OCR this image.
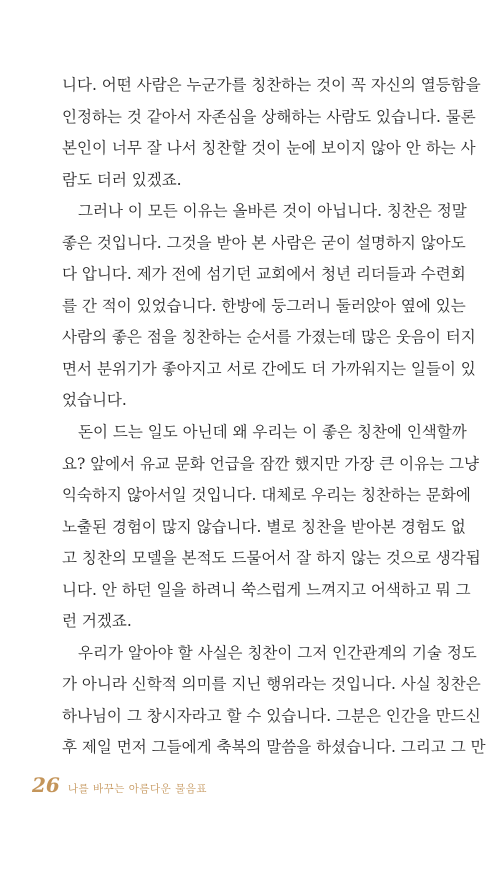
니다. 어떤 사람은 누군가를 칭찬하는 것이 꼭 자신의 열등함을
인정하는 것 같아서 자존심을 상해하는 사람도 있습니다. 물론
본인이 너무 잘 나서 칭찬할 것이 눈에 보이지 않아 안 하는 사
람도 더러 있겠죠.
그러나 이 모든 이유는 올바른 것이 아닙니다. 칭찬은 정말
좋은 것입니다. 그것을 받아 본 사람은 굳이 설명하지 않아도
다 압니다. 제가 전에 섬기던 교회에서 청년 리더들과 수련회
를 간 적이 있었습니다. 한방에 둥그러니 둘러앉아 옆에 있는
사람의 좋은 점을 칭찬하는 순서를 가졌는데 많은 웃음이 터지
면서 분위기가 좋아지고 서로 간에도 더 가까워지는 일들이 있
었습니다.
돈이 드는 일도 아닌데 왜 우리는 이 좋은 칭찬에 인색할까
요? 앞에서 유교 문화 언급을 잠깐 했지만 가장 큰 이유는 그냥
익숙하지 않아서일 것입니다. 대체로 우리는 칭찬하는 문화에
노출된 경험이 많지 않습니다. 별로 칭찬을 받아본 경험도 없
고 칭찬의 모델을 본적도 드물어서 잘 하지 않는 것으로 생각됩
니다. 안 하던 일을 하려니 쑥스럽게 느껴지고 어색하고 뭐 그
런 거겠죠.
우리가 알아야 할 사실은 칭찬이 그저 인간관계의 기술 정도
가 아니라 신학적 의미를 지닌 행위라는 것입니다. 사실 칭찬은
하나님이 그 창시자라고 할 수 있습니다. 그분은 인간을 만드신
후 제일 먼저 그들에게 축복의 말씀을 하셨습니다. 그리고 그 만
26 나를 바꾸는 아름다운 물음표
